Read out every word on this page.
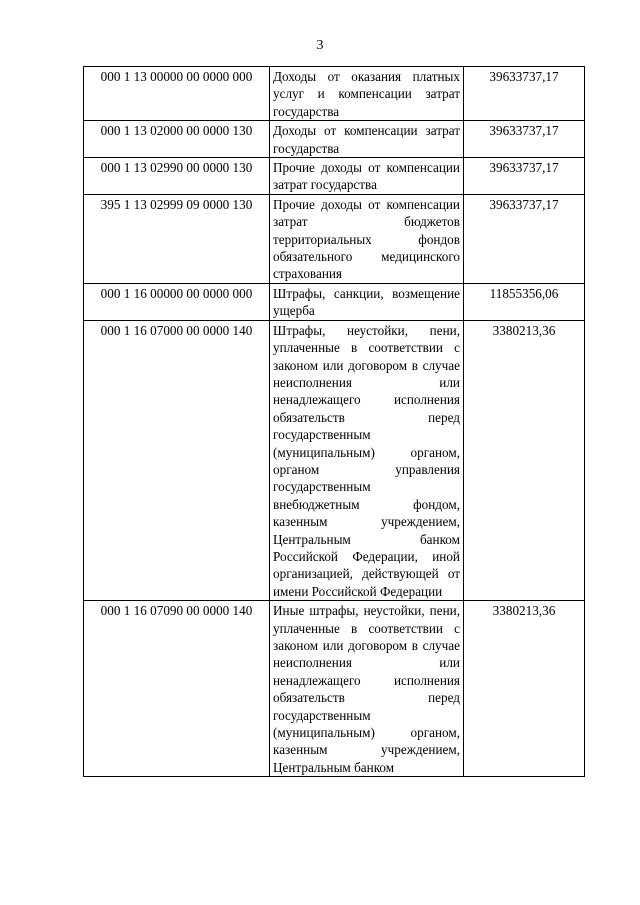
3
000 1 13 00000 00 0000 000	Доходы от оказания платных услуг и компенсации затрат государства	39633737,17
000 1 13 02000 00 0000 130	Доходы от компенсации затрат государства	39633737,17
000 1 13 02990 00 0000 130	Прочие доходы от компенсации затрат государства	39633737,17
395 1 13 02999 09 0000 130	Прочие доходы от компенсации затрат бюджетов территориальных фондов обязательного медицинского страхования	39633737,17
000 1 16 00000 00 0000 000	Штрафы, санкции, возмещение ущерба	11855356,06
000 1 16 07000 00 0000 140	Штрафы, неустойки, пени, уплаченные в соответствии с законом или договором в случае неисполнения или ненадлежащего исполнения обязательств перед государственным (муниципальным) органом, органом управления государственным внебюджетным фондом, казенным учреждением, Центральным банком Российской Федерации, иной организацией, действующей от имени Российской Федерации	3380213,36
000 1 16 07090 00 0000 140	Иные штрафы, неустойки, пени, уплаченные в соответствии с законом или договором в случае неисполнения или ненадлежащего исполнения обязательств перед государственным (муниципальным) органом, казенным учреждением, Центральным банком	3380213,36
